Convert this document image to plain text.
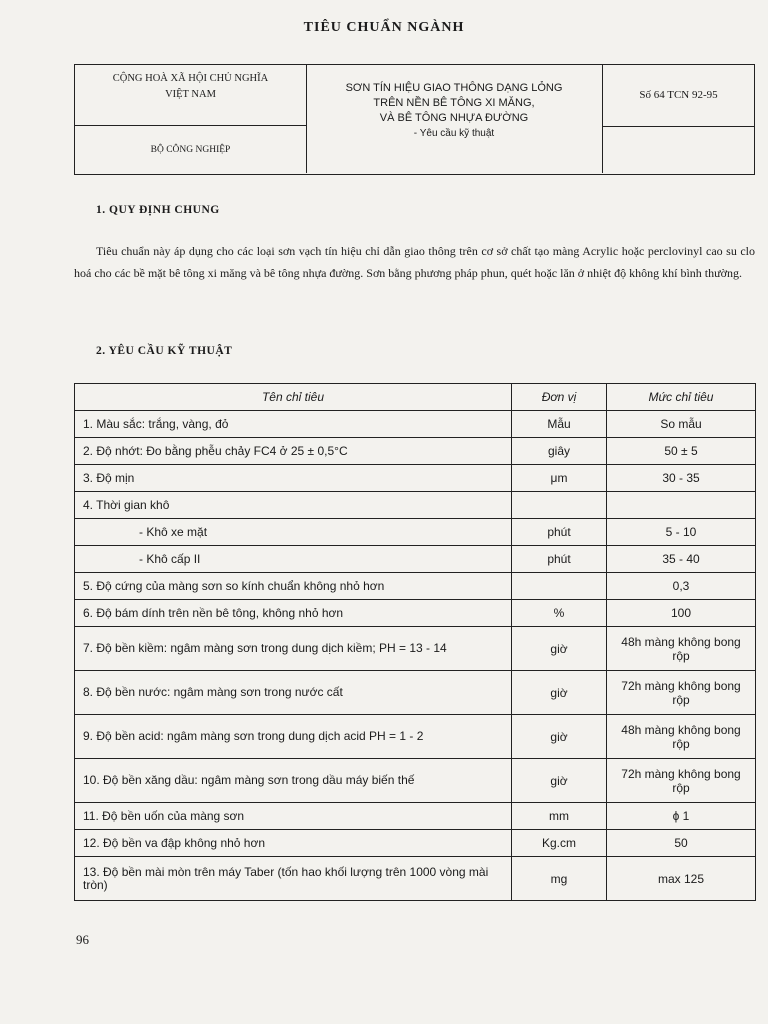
TIÊU CHUẨN NGÀNH
CỘNG HOÀ XÃ HỘI CHỦ NGHĨA
VIỆT NAM
BỘ CÔNG NGHIỆP
SƠN TÍN HIỆU GIAO THÔNG DẠNG LỎNG
TRÊN NỀN BÊ TÔNG XI MĂNG,
VÀ BÊ TÔNG NHỰA ĐƯỜNG
- Yêu cầu kỹ thuật
Số 64 TCN 92-95
1. QUY ĐỊNH CHUNG
Tiêu chuẩn này áp dụng cho các loại sơn vạch tín hiệu chỉ dẫn giao thông trên cơ sở chất tạo màng Acrylic hoặc perclovinyl cao su clo hoá cho các bề mặt bê tông xi măng và bê tông nhựa đường. Sơn bằng phương pháp phun, quét hoặc lăn ở nhiệt độ không khí bình thường.
2. YÊU CẦU KỸ THUẬT
Tên chỉ tiêu	Đơn vị	Mức chỉ tiêu
1. Màu sắc: trắng, vàng, đỏ	Mẫu	So mẫu
2. Độ nhớt: Đo bằng phễu chảy FC4 ở 25 ± 0,5°C	giây	50 ± 5
3. Độ mịn	μm	30 - 35
4. Thời gian khô		
- Khô xe mặt	phút	5 - 10
- Khô cấp II	phút	35 - 40
5. Độ cứng của màng sơn so kính chuẩn không nhỏ hơn		0,3
6. Độ bám dính trên nền bê tông, không nhỏ hơn	%	100
7. Độ bền kiềm: ngâm màng sơn trong dung dịch kiềm; PH = 13 - 14	giờ	48h màng không bong rộp
8. Độ bền nước: ngâm màng sơn trong nước cất	giờ	72h màng không bong rộp
9. Độ bền acid: ngâm màng sơn trong dung dịch acid PH = 1 - 2	giờ	48h màng không bong rộp
10. Độ bền xăng dầu: ngâm màng sơn trong dầu máy biến thế	giờ	72h màng không bong rộp
11. Độ bền uốn của màng sơn	mm	ϕ 1
12. Độ bền va đập không nhỏ hơn	Kg.cm	50
13. Độ bền mài mòn trên máy Taber (tốn hao khối lượng trên 1000 vòng mài tròn)	mg	max 125
96
